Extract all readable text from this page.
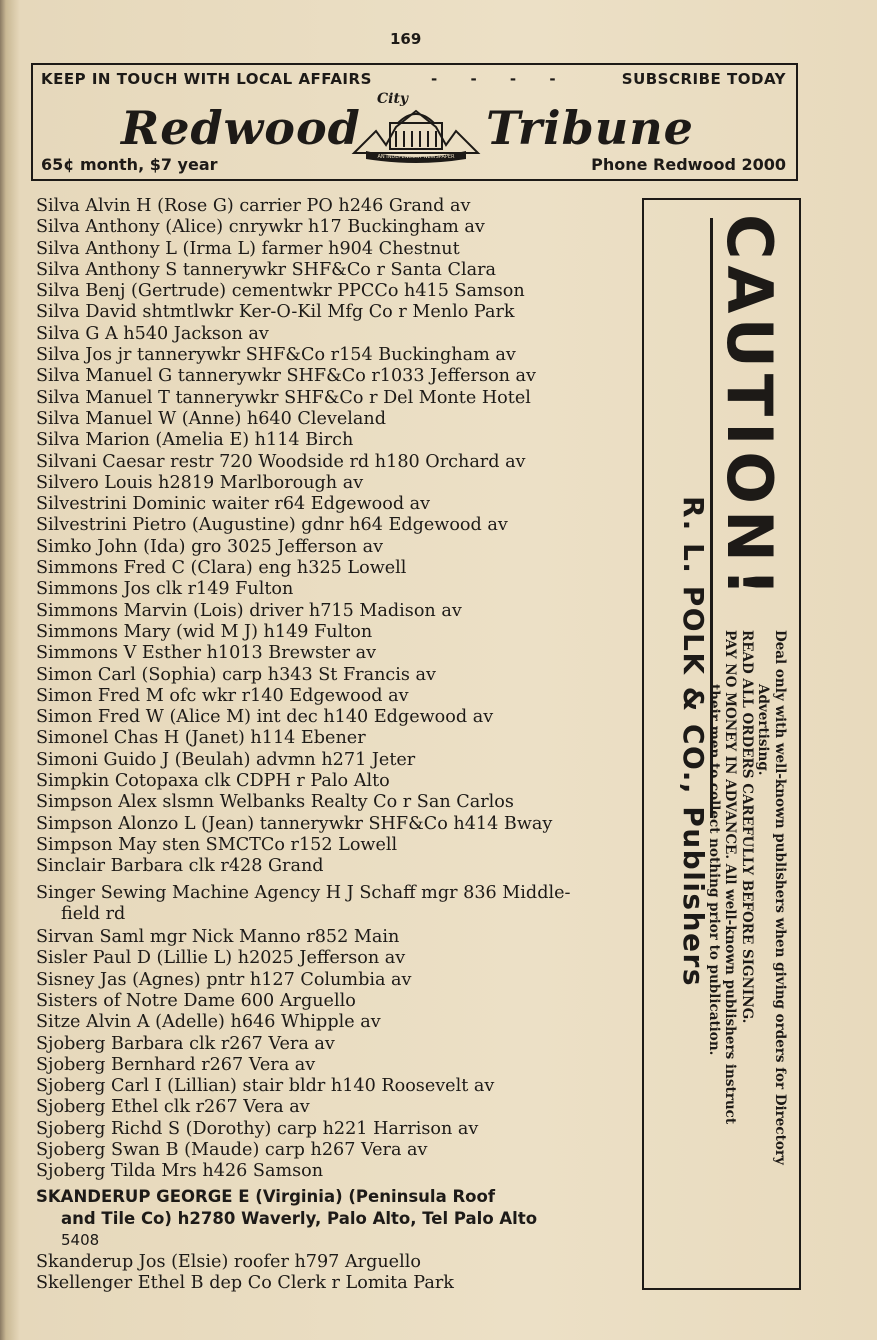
169
KEEP IN TOUCH WITH LOCAL AFFAIRS	- - - -	SUBSCRIBE TODAY
Redwood
City
AN INDEPENDENT NEWSPAPER
Tribune
65¢ month, $7 year	Phone Redwood 2000
Silva Alvin H (Rose G) carrier PO h246 Grand av
Silva Anthony (Alice) cnrywkr h17 Buckingham av
Silva Anthony L (Irma L) farmer h904 Chestnut
Silva Anthony S tannerywkr SHF&Co r Santa Clara
Silva Benj (Gertrude) cementwkr PPCCo h415 Samson
Silva David shtmtlwkr Ker-O-Kil Mfg Co r Menlo Park
Silva G A h540 Jackson av
Silva Jos jr tannerywkr SHF&Co r154 Buckingham av
Silva Manuel G tannerywkr SHF&Co r1033 Jefferson av
Silva Manuel T tannerywkr SHF&Co r Del Monte Hotel
Silva Manuel W (Anne) h640 Cleveland
Silva Marion (Amelia E) h114 Birch
Silvani Caesar restr 720 Woodside rd h180 Orchard av
Silvero Louis h2819 Marlborough av
Silvestrini Dominic waiter r64 Edgewood av
Silvestrini Pietro (Augustine) gdnr h64 Edgewood av
Simko John (Ida) gro 3025 Jefferson av
Simmons Fred C (Clara) eng h325 Lowell
Simmons Jos clk r149 Fulton
Simmons Marvin (Lois) driver h715 Madison av
Simmons Mary (wid M J) h149 Fulton
Simmons V Esther h1013 Brewster av
Simon Carl (Sophia) carp h343 St Francis av
Simon Fred M ofc wkr r140 Edgewood av
Simon Fred W (Alice M) int dec h140 Edgewood av
Simonel Chas H (Janet) h114 Ebener
Simoni Guido J (Beulah) advmn h271 Jeter
Simpkin Cotopaxa clk CDPH r Palo Alto
Simpson Alex slsmn Welbanks Realty Co r San Carlos
Simpson Alonzo L (Jean) tannerywkr SHF&Co h414 Bway
Simpson May sten SMCTCo r152 Lowell
Sinclair Barbara clk r428 Grand
Singer Sewing Machine Agency H J Schaff mgr 836 Middle-
field rd
Sirvan Saml mgr Nick Manno r852 Main
Sisler Paul D (Lillie L) h2025 Jefferson av
Sisney Jas (Agnes) pntr h127 Columbia av
Sisters of Notre Dame 600 Arguello
Sitze Alvin A (Adelle) h646 Whipple av
Sjoberg Barbara clk r267 Vera av
Sjoberg Bernhard r267 Vera av
Sjoberg Carl I (Lillian) stair bldr h140 Roosevelt av
Sjoberg Ethel clk r267 Vera av
Sjoberg Richd S (Dorothy) carp h221 Harrison av
Sjoberg Swan B (Maude) carp h267 Vera av
Sjoberg Tilda Mrs h426 Samson
SKANDERUP GEORGE E (Virginia) (Peninsula Roof
and Tile Co) h2780 Waverly, Palo Alto, Tel Palo Alto
5408
Skanderup Jos (Elsie) roofer h797 Arguello
Skellenger Ethel B dep Co Clerk r Lomita Park
CAUTION!
R. L. POLK & CO., Publishers	Deal only with well-known publishers when giving orders for Directory
Advertising.
READ ALL ORDERS CAREFULLY BEFORE SIGNING.
PAY NO MONEY IN ADVANCE. All well-known publishers instruct
their men to collect nothing prior to publication.
